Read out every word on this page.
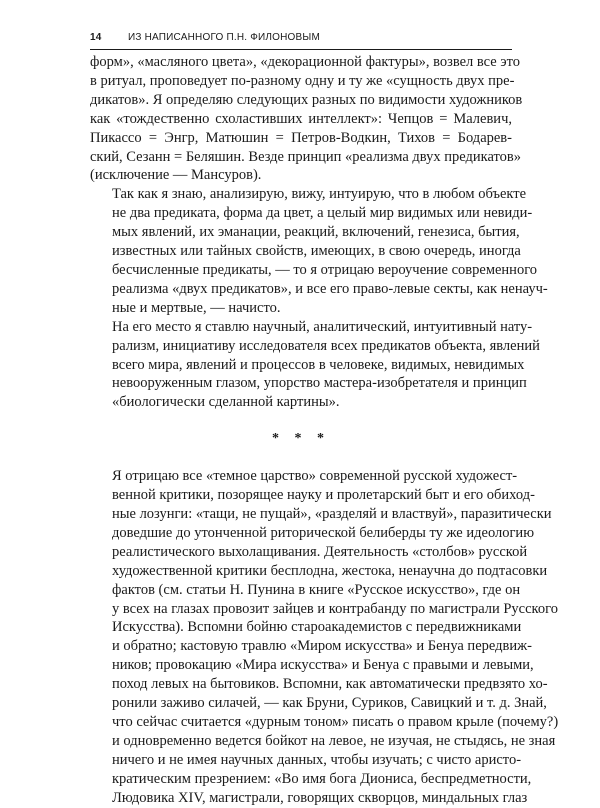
14	ИЗ НАПИСАННОГО П.Н. ФИЛОНОВЫМ
форм», «масляного цвета», «декорационной фактуры», возвел все это
в ритуал, проповедует по-разному одну и ту же «сущность двух пре-
дикатов». Я определяю следующих разных по видимости художников
как «тождественно схоластивших интеллект»: Чепцов = Малевич,
Пикассо = Энгр, Матюшин = Петров-Водкин, Тихов = Бодарев-
ский, Сезанн = Беляшин. Везде принцип «реализма двух предикатов»
(исключение — Мансуров).
Так как я знаю, анализирую, вижу, интуирую, что в любом объекте
не два предиката, форма да цвет, а целый мир видимых или невиди-
мых явлений, их эманации, реакций, включений, генезиса, бытия,
известных или тайных свойств, имеющих, в свою очередь, иногда
бесчисленные предикаты, — то я отрицаю вероучение современного
реализма «двух предикатов», и все его право-левые секты, как ненауч-
ные и мертвые, — начисто.
На его место я ставлю научный, аналитический, интуитивный нату-
рализм, инициативу исследователя всех предикатов объекта, явлений
всего мира, явлений и процессов в человеке, видимых, невидимых
невооруженным глазом, упорство мастера-изобретателя и принцип
«биологически сделанной картины».
* * *
Я отрицаю все «темное царство» современной русской художест-
венной критики, позорящее науку и пролетарский быт и его обиход-
ные лозунги: «тащи, не пущай», «разделяй и властвуй», паразитически
доведшие до утонченной риторической белиберды ту же идеологию
реалистического выхолащивания. Деятельность «столбов» русской
художественной критики бесплодна, жестока, ненаучна до подтасовки
фактов (см. статьи Н. Пунина в книге «Русское искусство», где он
у всех на глазах провозит зайцев и контрабанду по магистрали Русского
Искусства). Вспомни бойню староакадемистов с передвижниками
и обратно; кастовую травлю «Миром искусства» и Бенуа передвиж-
ников; провокацию «Мира искусства» и Бенуа с правыми и левыми,
поход левых на бытовиков. Вспомни, как автоматически предвзято хо-
ронили заживо силачей, — как Бруни, Суриков, Савицкий и т. д. Знай,
что сейчас считается «дурным тоном» писать о правом крыле (почему?)
и одновременно ведется бойкот на левое, не изучая, не стыдясь, не зная
ничего и не имея научных данных, чтобы изучать; с чисто аристо-
кратическим презрением: «Во имя бога Диониса, беспредметности,
Людовика XIV, магистрали, говорящих скворцов, миндальных глаз
